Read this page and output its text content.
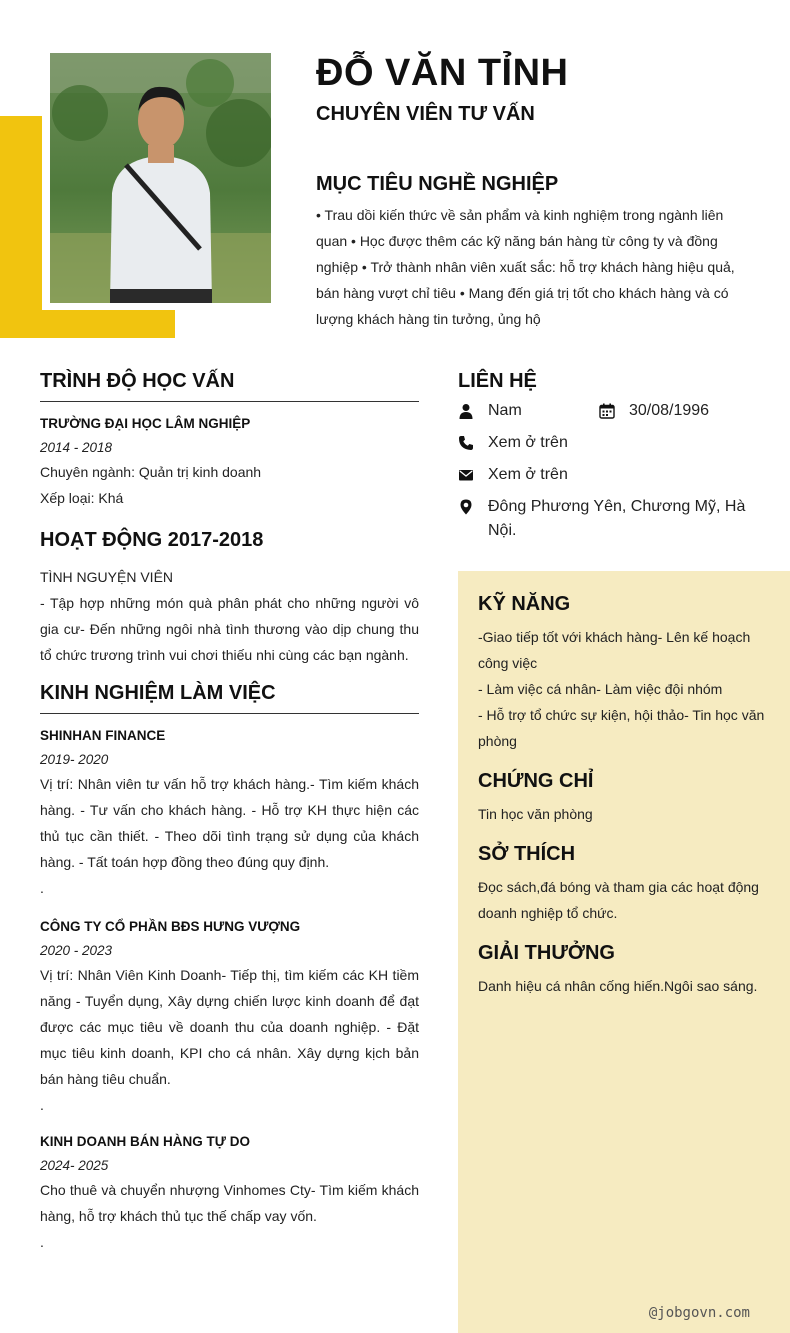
ĐỖ VĂN TỈNH
CHUYÊN VIÊN TƯ VẤN
MỤC TIÊU NGHỀ NGHIỆP
• Trau dồi kiến thức về sản phẩm và kinh nghiệm trong ngành liên quan • Học được thêm các kỹ năng bán hàng từ công ty và đồng nghiệp • Trở thành nhân viên xuất sắc: hỗ trợ khách hàng hiệu quả, bán hàng vượt chỉ tiêu • Mang đến giá trị tốt cho khách hàng và có lượng khách hàng tin tưởng, ủng hộ
TRÌNH ĐỘ HỌC VẤN
TRƯỜNG ĐẠI HỌC LÂM NGHIỆP
2014 - 2018
Chuyên ngành: Quản trị kinh doanh
Xếp loại: Khá
HOẠT ĐỘNG 2017-2018
TÌNH NGUYỆN VIÊN
- Tập hợp những món quà phân phát cho những người vô gia cư- Đến những ngôi nhà tình thương vào dịp chung thu tổ chức trương trình vui chơi thiếu nhi cùng các bạn ngành.
KINH NGHIỆM LÀM VIỆC
SHINHAN FINANCE
2019- 2020
Vị trí: Nhân viên tư vấn hỗ trợ khách hàng.- Tìm kiếm khách hàng. - Tư vấn cho khách hàng. - Hỗ trợ KH thực hiện các thủ tục cần thiết. - Theo dõi tình trạng sử dụng của khách hàng. - Tất toán hợp đồng theo đúng quy định.
.
CÔNG TY CỔ PHẦN BĐS HƯNG VƯỢNG
2020 - 2023
Vị trí: Nhân Viên Kinh Doanh- Tiếp thị, tìm kiếm các KH tiềm năng - Tuyển dụng, Xây dựng chiến lược kinh doanh để đạt được các mục tiêu về doanh thu của doanh nghiệp. - Đặt mục tiêu kinh doanh, KPI cho cá nhân. Xây dựng kịch bản bán hàng tiêu chuẩn.
.
KINH DOANH BÁN HÀNG TỰ DO
2024- 2025
Cho thuê và chuyển nhượng Vinhomes Cty- Tìm kiếm khách hàng, hỗ trợ khách thủ tục thế chấp vay vốn.
.
LIÊN HỆ
Nam	30/08/1996
Xem ở trên
Xem ở trên
Đông Phương Yên, Chương Mỹ, Hà Nội.
KỸ NĂNG
-Giao tiếp tốt với khách hàng- Lên kế hoạch công việc
- Làm việc cá nhân- Làm việc đội nhóm
- Hỗ trợ tổ chức sự kiện, hội thảo- Tin học văn phòng
CHỨNG CHỈ
Tin học văn phòng
SỞ THÍCH
Đọc sách,đá bóng và tham gia các hoạt động doanh nghiệp tổ chức.
GIẢI THƯỞNG
Danh hiệu cá nhân cống hiến.Ngôi sao sáng.
@jobgovn.com
